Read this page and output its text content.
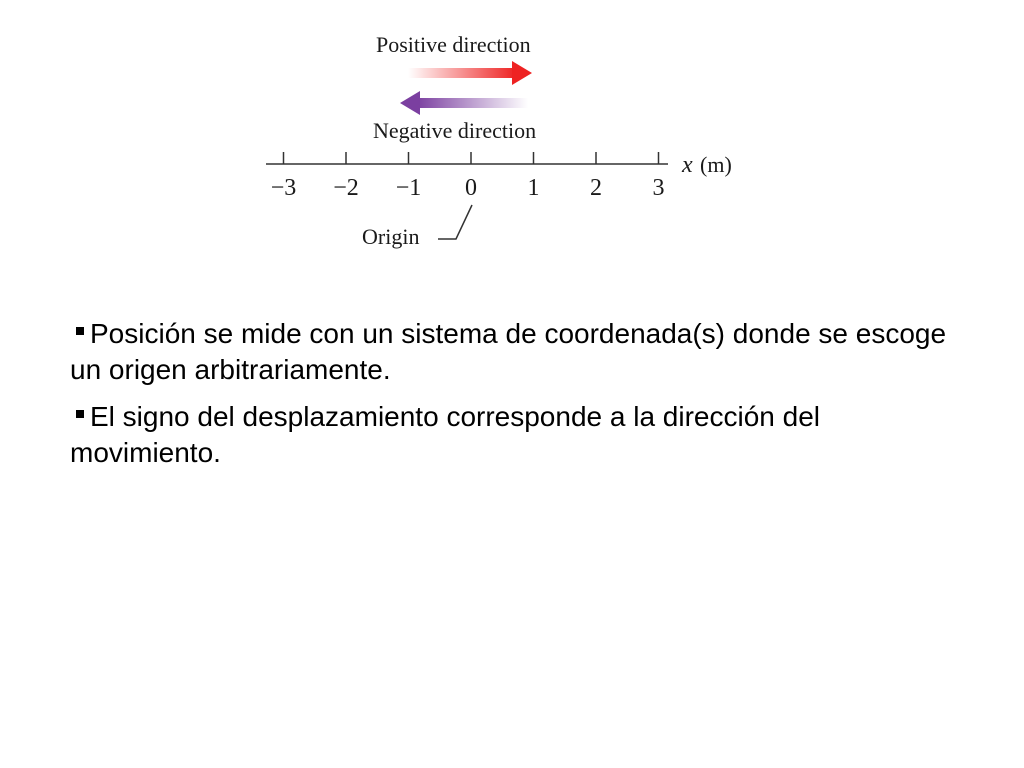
Positive direction
Negative direction
−3 −2 −1 0 1 2 3
x (m)
Origin
Posición se mide con un sistema de coordenada(s) donde se escoge un origen arbitrariamente.
El signo del desplazamiento corresponde a la dirección del movimiento.
